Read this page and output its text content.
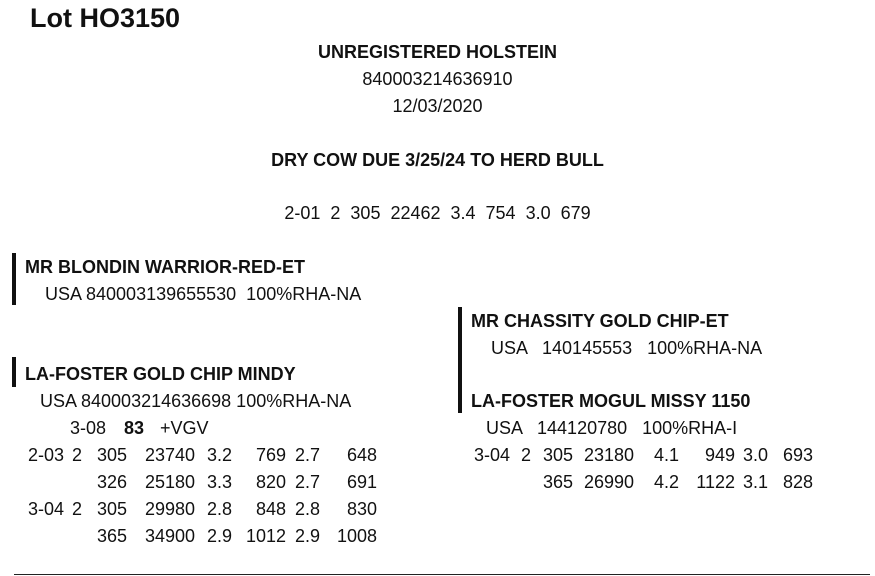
Lot HO3150
UNREGISTERED HOLSTEIN
840003214636910
12/03/2020
DRY COW DUE 3/25/24 TO HERD BULL
2-01  2  305  22462  3.4  754  3.0  679
MR BLONDIN WARRIOR-RED-ET
USA 840003139655530  100%RHA-NA
LA-FOSTER GOLD CHIP MINDY
USA 840003214636698 100%RHA-NA
3-08 83 +VGV
2-03 2 305 23740 3.2 769 2.7 648
326 25180 3.3 820 2.7 691
3-04 2 305 29980 2.8 848 2.8 830
365 34900 2.9 1012 2.9 1008
MR CHASSITY GOLD CHIP-ET
USA   140145553   100%RHA-NA
LA-FOSTER MOGUL MISSY 1150
USA   144120780   100%RHA-I
3-04 2 305 23180 4.1 949 3.0 693
365 26990 4.2 1122 3.1 828
